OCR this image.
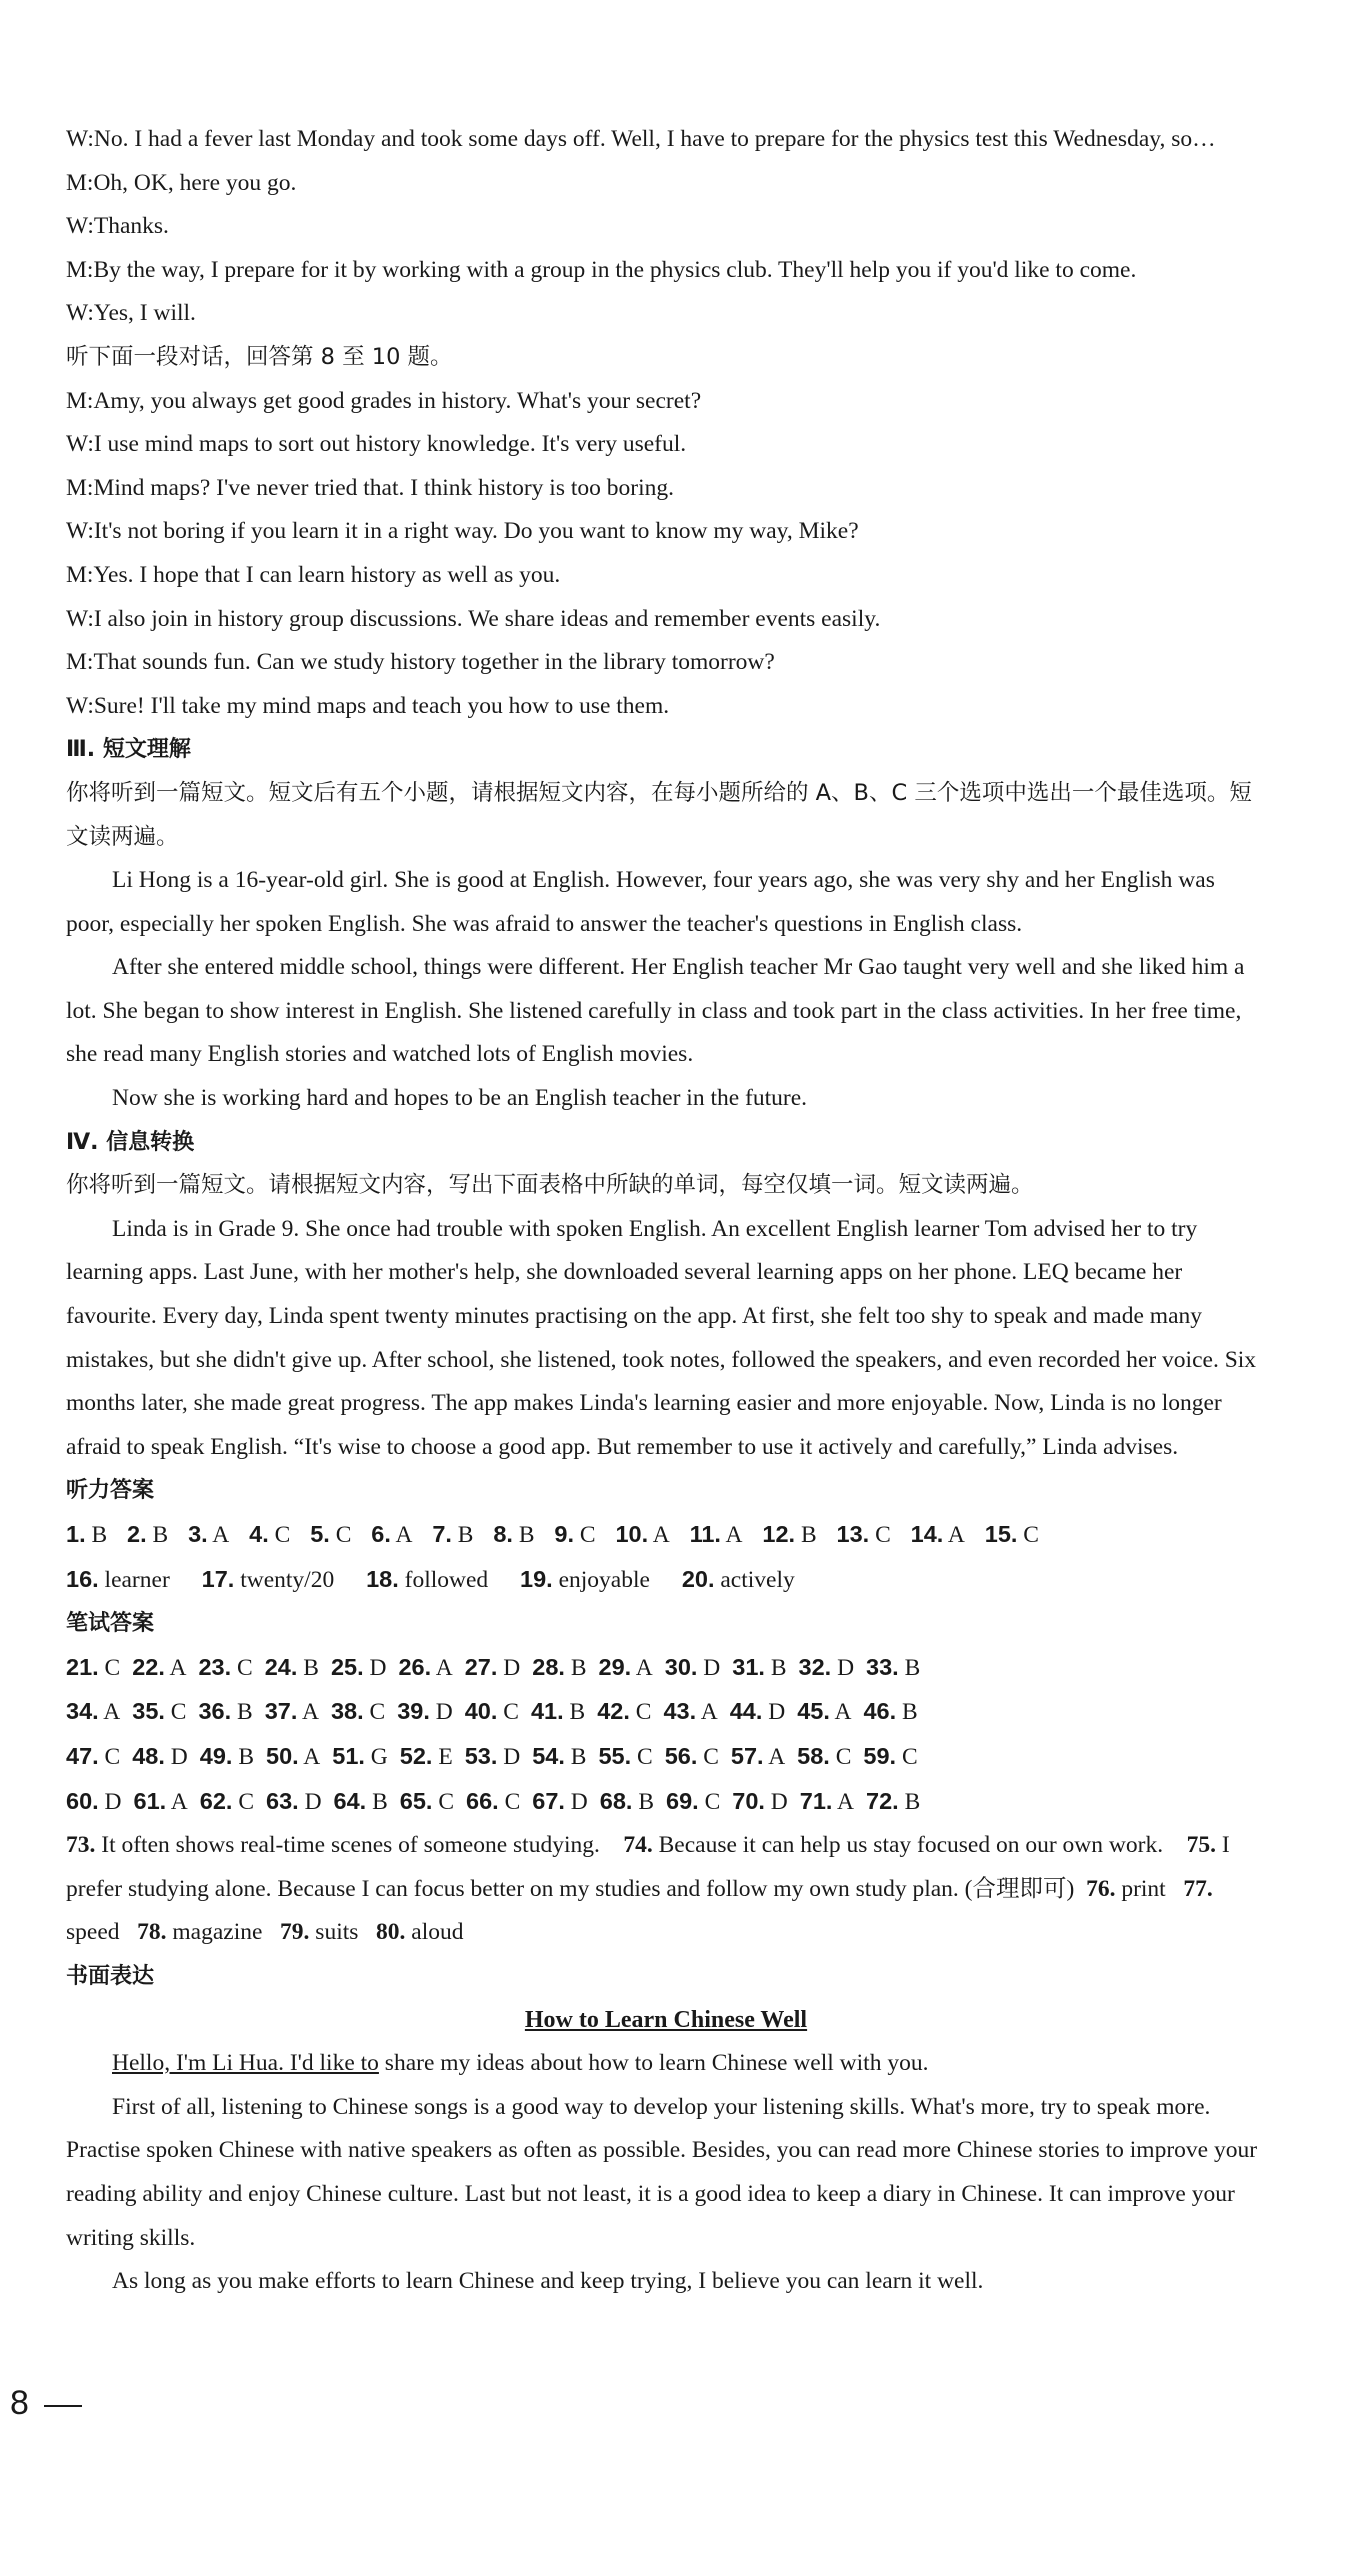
W:No. I had a fever last Monday and took some days off. Well, I have to prepare for the physics test this Wednesday, so…
M:Oh, OK, here you go.
W:Thanks.
M:By the way, I prepare for it by working with a group in the physics club. They'll help you if you'd like to come.
W:Yes, I will.
听下面一段对话，回答第 8 至 10 题。
M:Amy, you always get good grades in history. What's your secret?
W:I use mind maps to sort out history knowledge. It's very useful.
M:Mind maps? I've never tried that. I think history is too boring.
W:It's not boring if you learn it in a right way. Do you want to know my way, Mike?
M:Yes. I hope that I can learn history as well as you.
W:I also join in history group discussions. We share ideas and remember events easily.
M:That sounds fun. Can we study history together in the library tomorrow?
W:Sure! I'll take my mind maps and teach you how to use them.
Ⅲ. 短文理解
你将听到一篇短文。短文后有五个小题，请根据短文内容，在每小题所给的 A、B、C 三个选项中选出一个最佳选项。短文读两遍。
Li Hong is a 16-year-old girl. She is good at English. However, four years ago, she was very shy and her English was poor, especially her spoken English. She was afraid to answer the teacher's questions in English class.
After she entered middle school, things were different. Her English teacher Mr Gao taught very well and she liked him a lot. She began to show interest in English. She listened carefully in class and took part in the class activities. In her free time, she read many English stories and watched lots of English movies.
Now she is working hard and hopes to be an English teacher in the future.
Ⅳ. 信息转换
你将听到一篇短文。请根据短文内容，写出下面表格中所缺的单词，每空仅填一词。短文读两遍。
Linda is in Grade 9. She once had trouble with spoken English. An excellent English learner Tom advised her to try learning apps. Last June, with her mother's help, she downloaded several learning apps on her phone. LEQ became her favourite. Every day, Linda spent twenty minutes practising on the app. At first, she felt too shy to speak and made many mistakes, but she didn't give up. After school, she listened, took notes, followed the speakers, and even recorded her voice. Six months later, she made great progress. The app makes Linda's learning easier and more enjoyable. Now, Linda is no longer afraid to speak English. “It's wise to choose a good app. But remember to use it actively and carefully,” Linda advises.
听力答案
1. B 2. B 3. A 4. C 5. C 6. A 7. B 8. B 9. C 10. A 11. A 12. B 13. C 14. A 15. C
16. learner 17. twenty/20 18. followed 19. enjoyable 20. actively
笔试答案
21. C 22. A 23. C 24. B 25. D 26. A 27. D 28. B 29. A 30. D 31. B 32. D 33. B
34. A 35. C 36. B 37. A 38. C 39. D 40. C 41. B 42. C 43. A 44. D 45. A 46. B
47. C 48. D 49. B 50. A 51. G 52. E 53. D 54. B 55. C 56. C 57. A 58. C 59. C
60. D 61. A 62. C 63. D 64. B 65. C 66. C 67. D 68. B 69. C 70. D 71. A 72. B
73. It often shows real-time scenes of someone studying. 74. Because it can help us stay focused on our own work. 75. I prefer studying alone. Because I can focus better on my studies and follow my own study plan. (合理即可) 76. print 77. speed 78. magazine 79. suits 80. aloud
书面表达
How to Learn Chinese Well
Hello, I'm Li Hua. I'd like to share my ideas about how to learn Chinese well with you.
First of all, listening to Chinese songs is a good way to develop your listening skills. What's more, try to speak more. Practise spoken Chinese with native speakers as often as possible. Besides, you can read more Chinese stories to improve your reading ability and enjoy Chinese culture. Last but not least, it is a good idea to keep a diary in Chinese. It can improve your writing skills.
As long as you make efforts to learn Chinese and keep trying, I believe you can learn it well.
8
